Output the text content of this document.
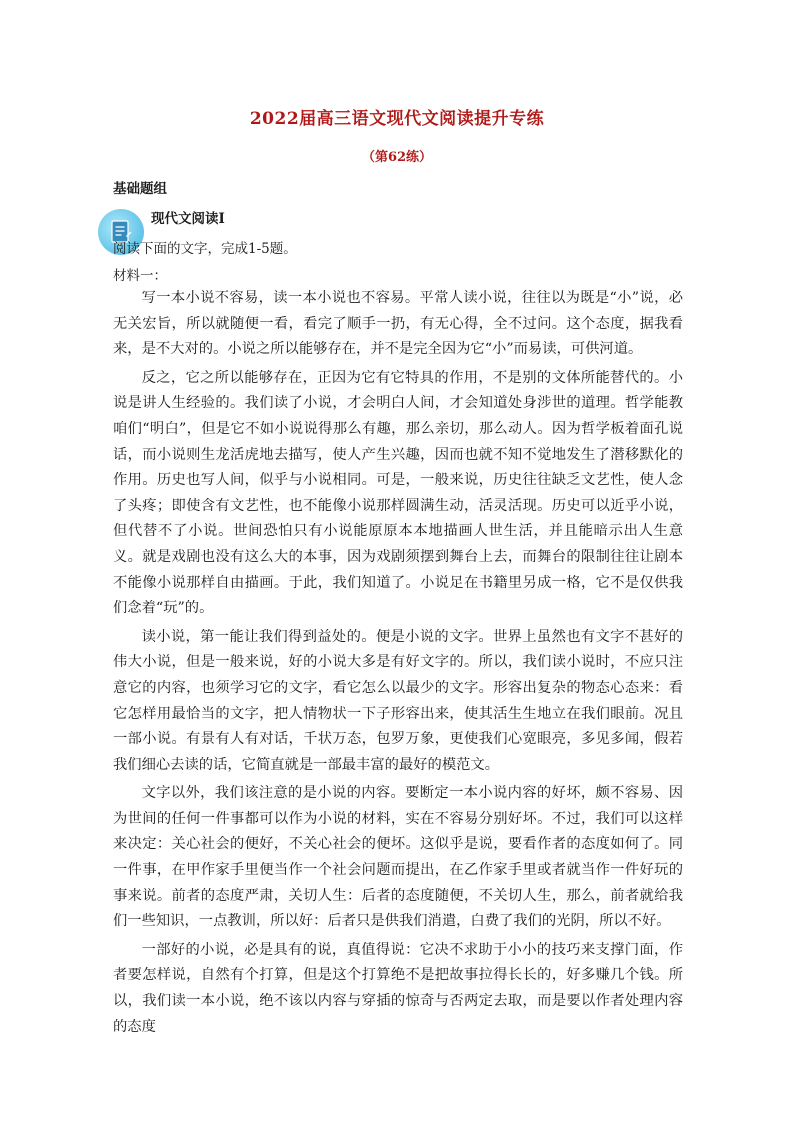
2022届高三语文现代文阅读提升专练
（第62练）
基础题组
现代文阅读Ⅰ
阅读下面的文字，完成1-5题。
材料一：

写一本小说不容易，读一本小说也不容易。平常人读小说，往往以为既是“小”说，必无关宏旨，所以就随便一看，看完了顺手一扔，有无心得，全不过问。这个态度，据我看来，是不大对的。小说之所以能够存在，并不是完全因为它“小”而易读，可供河道。

反之，它之所以能够存在，正因为它有它特具的作用，不是别的文体所能替代的。小说是讲人生经验的。我们读了小说，才会明白人间，才会知道处身涉世的道理。哲学能教咱们“明白”，但是它不如小说说得那么有趣，那么亲切，那么动人。因为哲学板着面孔说话，而小说则生龙活虎地去描写，使人产生兴趣，因而也就不知不觉地发生了潜移默化的作用。历史也写人间，似乎与小说相同。可是，一般来说，历史往往缺乏文艺性，使人念了头疼；即使含有文艺性，也不能像小说那样圆满生动，活灵活现。历史可以近乎小说，但代替不了小说。世间恐怕只有小说能原原本本地描画人世生活，并且能暗示出人生意义。就是戏剧也没有这么大的本事，因为戏剧须摆到舞台上去，而舞台的限制往往让剧本不能像小说那样自由描画。于此，我们知道了。小说足在书籍里另成一格，它不是仅供我们念着“玩”的。

读小说，第一能让我们得到益处的。便是小说的文字。世界上虽然也有文字不甚好的伟大小说，但是一般来说，好的小说大多是有好文字的。所以，我们读小说时，不应只注意它的内容，也须学习它的文字，看它怎么以最少的文字。形容出复杂的物态心态来：看它怎样用最恰当的文字，把人情物状一下子形容出来，使其活生生地立在我们眼前。况且一部小说。有景有人有对话，千状万态，包罗万象，更使我们心宽眼亮，多见多闻，假若我们细心去读的话，它简直就是一部最丰富的最好的模范文。

文字以外，我们该注意的是小说的内容。要断定一本小说内容的好坏，颇不容易、因为世间的任何一件事都可以作为小说的材料，实在不容易分别好坏。不过，我们可以这样来决定：关心社会的便好，不关心社会的便坏。这似乎是说，要看作者的态度如何了。同一件事，在甲作家手里便当作一个社会问题而提出，在乙作家手里或者就当作一件好玩的事来说。前者的态度严肃，关切人生：后者的态度随便，不关切人生，那么，前者就给我们一些知识，一点教训，所以好：后者只是供我们消遣，白费了我们的光阴，所以不好。

一部好的小说，必是具有的说，真值得说：它决不求助于小小的技巧来支撑门面，作者要怎样说，自然有个打算，但是这个打算绝不是把故事拉得长长的，好多赚几个钱。所以，我们读一本小说，绝不该以内容与穿插的惊奇与否两定去取，而是要以作者处理内容的态度
